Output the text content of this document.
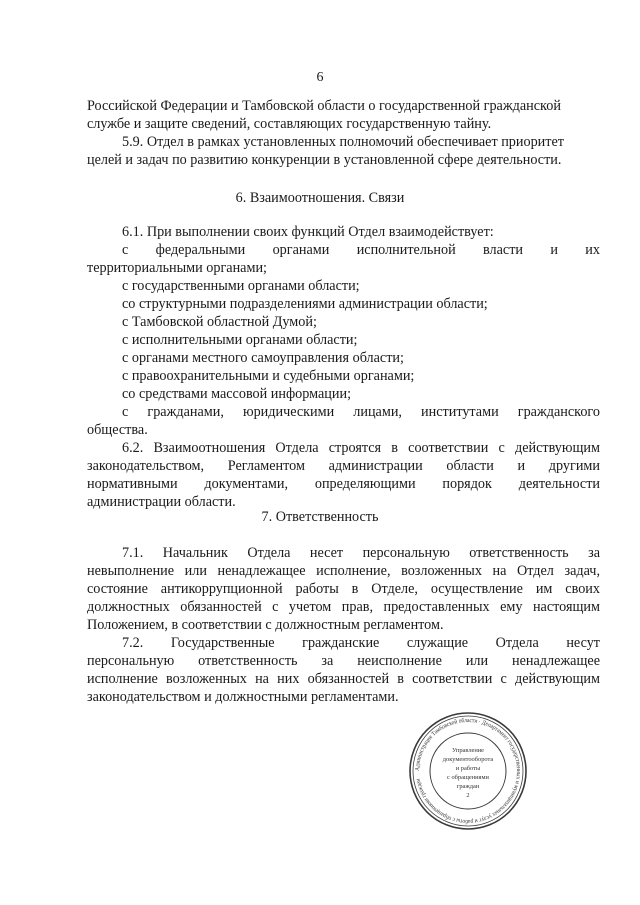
6
Российской Федерации и Тамбовской области о государственной гражданской
службе и защите сведений, составляющих государственную тайну.
5.9. Отдел в рамках установленных полномочий обеспечивает приоритет
целей и задач по развитию конкуренции в установленной сфере деятельности.
6. Взаимоотношения. Связи
6.1. При выполнении своих функций Отдел взаимодействует:
с федеральными органами исполнительной власти и их
территориальными органами;
с государственными органами области;
со структурными подразделениями администрации области;
с Тамбовской областной Думой;
с исполнительными органами области;
с органами местного самоуправления области;
с правоохранительными и судебными органами;
со средствами массовой информации;
с гражданами, юридическими лицами, институтами гражданского
общества.
6.2. Взаимоотношения Отдела строятся в соответствии с действующим
законодательством, Регламентом администрации области и другими
нормативными документами, определяющими порядок деятельности
администрации области.
7. Ответственность
7.1. Начальник Отдела несет персональную ответственность за
невыполнение или ненадлежащее исполнение, возложенных на Отдел задач,
состояние антикоррупционной работы в Отделе, осуществление им своих
должностных обязанностей с учетом прав, предоставленных ему настоящим
Положением, в соответствии с должностным регламентом.
7.2. Государственные гражданские служащие Отдела несут
персональную ответственность за неисполнение или ненадлежащее
исполнение возложенных на них обязанностей в соответствии с действующим
законодательством и должностными регламентами.
Администрация Тамбовской области · Департамент государственных и муниципальных услуг и работы с обращениями граждан
Управление
документооборота
и работы
с обращениями
граждан
2
